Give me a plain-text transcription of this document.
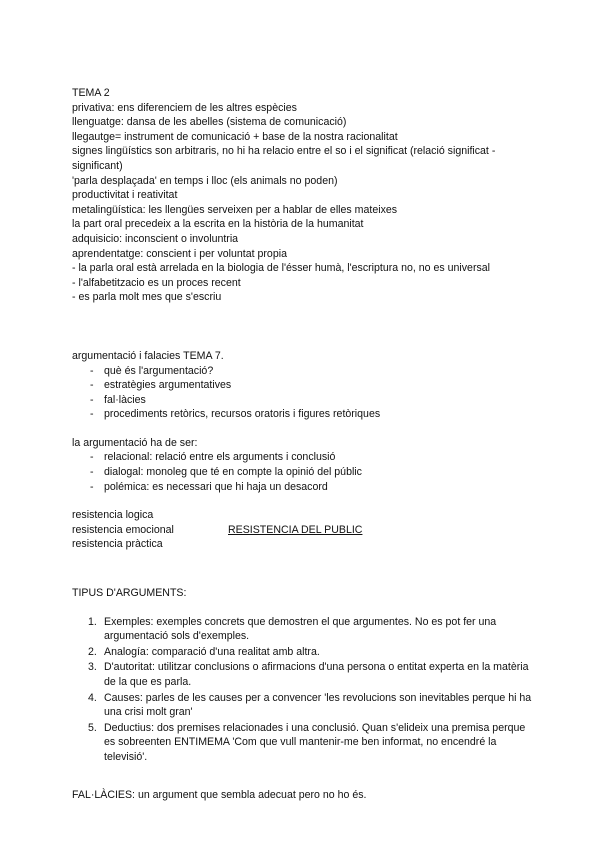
TEMA 2
privativa: ens diferenciem de les altres espècies
llenguatge: dansa de les abelles (sistema de comunicació)
llegautge= instrument de comunicació + base de la nostra racionalitat
signes lingüístics son arbitraris, no hi ha relacio entre el so i el significat (relació significat - significant)
'parla desplaçada' en temps i lloc (els animals no poden)
productivitat i reativitat
metalingüística: les llengües serveixen per a hablar de elles mateixes
la part oral precedeix a la escrita en la història de la humanitat
adquisicio: inconscient o involuntria
aprendentatge: conscient i per voluntat propia
- la parla oral està arrelada en la biologia de l'ésser humà, l'escriptura no, no es universal
- l'alfabetitzacio es un proces recent
- es parla molt mes que s'escriu
argumentació i falacies TEMA 7.
- què és l'argumentació?
- estratègies argumentatives
- fal·làcies
- procediments retòrics, recursos oratoris i figures retòriques
la argumentació ha de ser:
- relacional: relació entre els arguments i conclusió
- dialogal: monoleg que té en compte la opinió del públic
- polémica: es necessari que hi haja un desacord
resistencia logica
resistencia emocional	RESISTENCIA DEL PUBLIC
resistencia pràctica
TIPUS D'ARGUMENTS:
1. Exemples: exemples concrets que demostren el que argumentes. No es pot fer una argumentació sols d'exemples.
2. Analogía: comparació d'una realitat amb altra.
3. D'autoritat: utilitzar conclusions o afirmacions d'una persona o entitat experta en la matèria de la que es parla.
4. Causes: parles de les causes per a convencer 'les revolucions son inevitables perque hi ha una crisi molt gran'
5. Deductius: dos premises relacionades i una conclusió. Quan s'elideix una premisa perque es sobreenten ENTIMEMA 'Com que vull mantenir-me ben informat, no encendré la televisió'.
FAL·LÀCIES: un argument que sembla adecuat pero no ho és.
